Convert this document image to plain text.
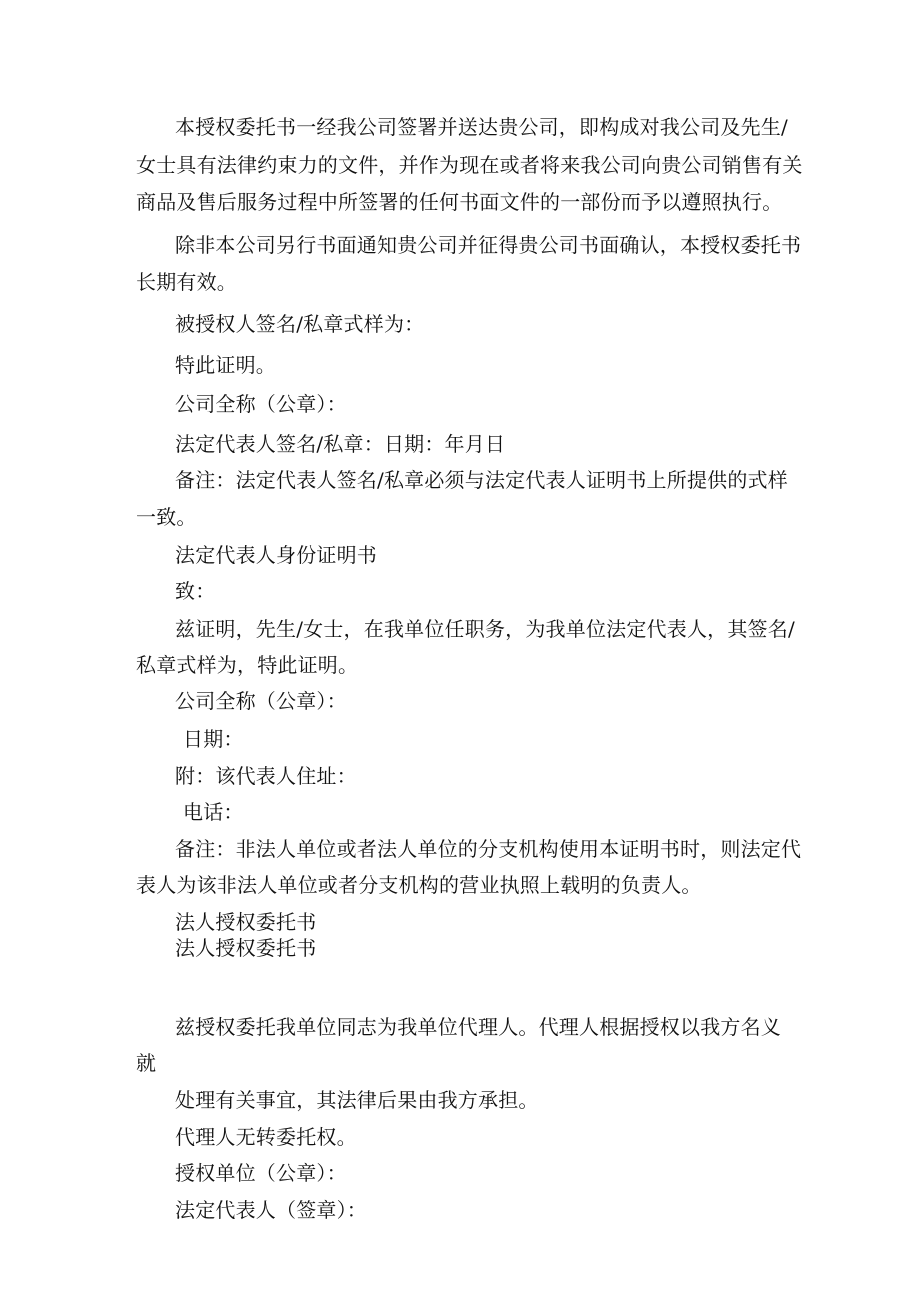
本授权委托书一经我公司签署并送达贵公司，即构成对我公司及先生/
女士具有法律约束力的文件，并作为现在或者将来我公司向贵公司销售有关
商品及售后服务过程中所签署的任何书面文件的一部份而予以遵照执行。
除非本公司另行书面通知贵公司并征得贵公司书面确认，本授权委托书
长期有效。
被授权人签名/私章式样为：
特此证明。
公司全称（公章）：
法定代表人签名/私章：日期：年月日
备注：法定代表人签名/私章必须与法定代表人证明书上所提供的式样
一致。
法定代表人身份证明书
致：
兹证明，先生/女士，在我单位任职务，为我单位法定代表人，其签名/
私章式样为，特此证明。
公司全称（公章）：
日期：
附：该代表人住址：
电话：
备注：非法人单位或者法人单位的分支机构使用本证明书时，则法定代
表人为该非法人单位或者分支机构的营业执照上载明的负责人。
法人授权委托书
法人授权委托书
兹授权委托我单位同志为我单位代理人。代理人根据授权以我方名义
就
处理有关事宜，其法律后果由我方承担。
代理人无转委托权。
授权单位（公章）：
法定代表人（签章）：
